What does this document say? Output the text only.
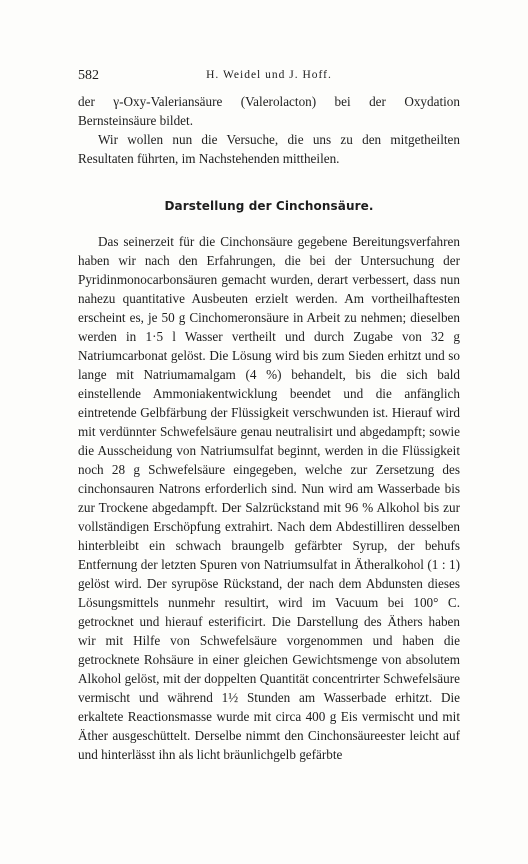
582	H. Weidel und J. Hoff.

der γ-Oxy-Valeriansäure (Valerolacton) bei der Oxydation Bernsteinsäure bildet.

Wir wollen nun die Versuche, die uns zu den mitgetheilten Resultaten führten, im Nachstehenden mittheilen.

Darstellung der Cinchonsäure.

Das seinerzeit für die Cinchonsäure gegebene Bereitungsverfahren haben wir nach den Erfahrungen, die bei der Untersuchung der Pyridinmonocarbonsäuren gemacht wurden, derart verbessert, dass nun nahezu quantitative Ausbeuten erzielt werden. Am vortheilhaftesten erscheint es, je 50 g Cinchomeronsäure in Arbeit zu nehmen; dieselben werden in 1·5 l Wasser vertheilt und durch Zugabe von 32 g Natriumcarbonat gelöst. Die Lösung wird bis zum Sieden erhitzt und so lange mit Natriumamalgam (4 %) behandelt, bis die sich bald einstellende Ammoniakentwicklung beendet und die anfänglich eintretende Gelbfärbung der Flüssigkeit verschwunden ist. Hierauf wird mit verdünnter Schwefelsäure genau neutralisirt und abgedampft; sowie die Ausscheidung von Natriumsulfat beginnt, werden in die Flüssigkeit noch 28 g Schwefelsäure eingegeben, welche zur Zersetzung des cinchonsauren Natrons erforderlich sind. Nun wird am Wasserbade bis zur Trockene abgedampft. Der Salzrückstand mit 96 % Alkohol bis zur vollständigen Erschöpfung extrahirt. Nach dem Abdestilliren desselben hinterbleibt ein schwach braungelb gefärbter Syrup, der behufs Entfernung der letzten Spuren von Natriumsulfat in Ätheralkohol (1 : 1) gelöst wird. Der syrupöse Rückstand, der nach dem Abdunsten dieses Lösungsmittels nunmehr resultirt, wird im Vacuum bei 100° C. getrocknet und hierauf esterificirt. Die Darstellung des Äthers haben wir mit Hilfe von Schwefelsäure vorgenommen und haben die getrocknete Rohsäure in einer gleichen Gewichtsmenge von absolutem Alkohol gelöst, mit der doppelten Quantität concentrirter Schwefelsäure vermischt und während 1½ Stunden am Wasserbade erhitzt. Die erkaltete Reactionsmasse wurde mit circa 400 g Eis vermischt und mit Äther ausgeschüttelt. Derselbe nimmt den Cinchonsäureester leicht auf und hinterlässt ihn als licht bräunlichgelb gefärbte
